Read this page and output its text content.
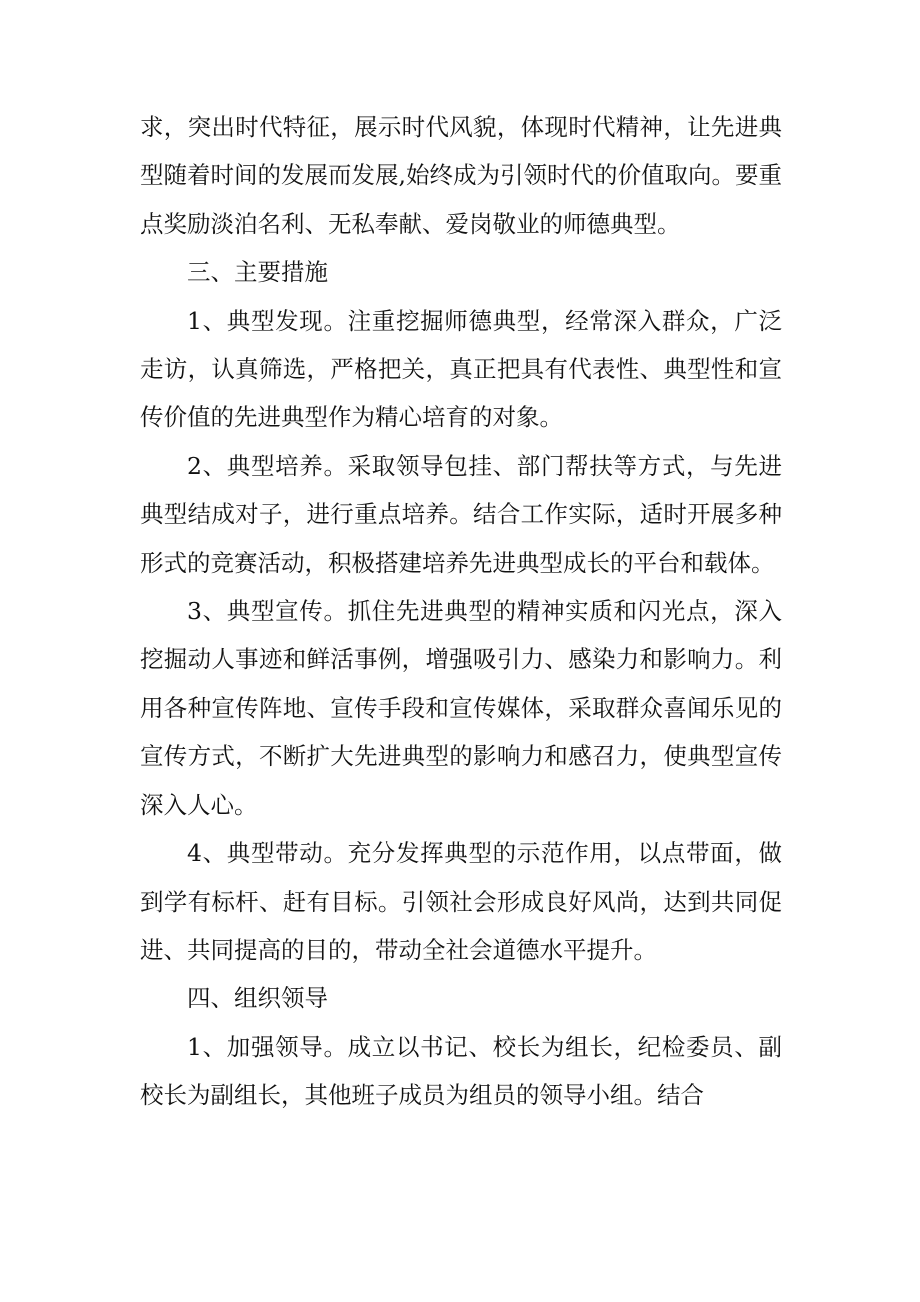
求，突出时代特征，展示时代风貌，体现时代精神，让先进典型随着时间的发展而发展,始终成为引领时代的价值取向。要重点奖励淡泊名利、无私奉献、爱岗敬业的师德典型。

三、主要措施

1、典型发现。注重挖掘师德典型，经常深入群众，广泛走访，认真筛选，严格把关，真正把具有代表性、典型性和宣传价值的先进典型作为精心培育的对象。

2、典型培养。采取领导包挂、部门帮扶等方式，与先进典型结成对子，进行重点培养。结合工作实际，适时开展多种形式的竞赛活动，积极搭建培养先进典型成长的平台和载体。

3、典型宣传。抓住先进典型的精神实质和闪光点，深入挖掘动人事迹和鲜活事例，增强吸引力、感染力和影响力。利用各种宣传阵地、宣传手段和宣传媒体，采取群众喜闻乐见的宣传方式，不断扩大先进典型的影响力和感召力，使典型宣传深入人心。

4、典型带动。充分发挥典型的示范作用，以点带面，做到学有标杆、赶有目标。引领社会形成良好风尚，达到共同促进、共同提高的目的，带动全社会道德水平提升。

四、组织领导

1、加强领导。成立以书记、校长为组长，纪检委员、副校长为副组长，其他班子成员为组员的领导小组。结合
